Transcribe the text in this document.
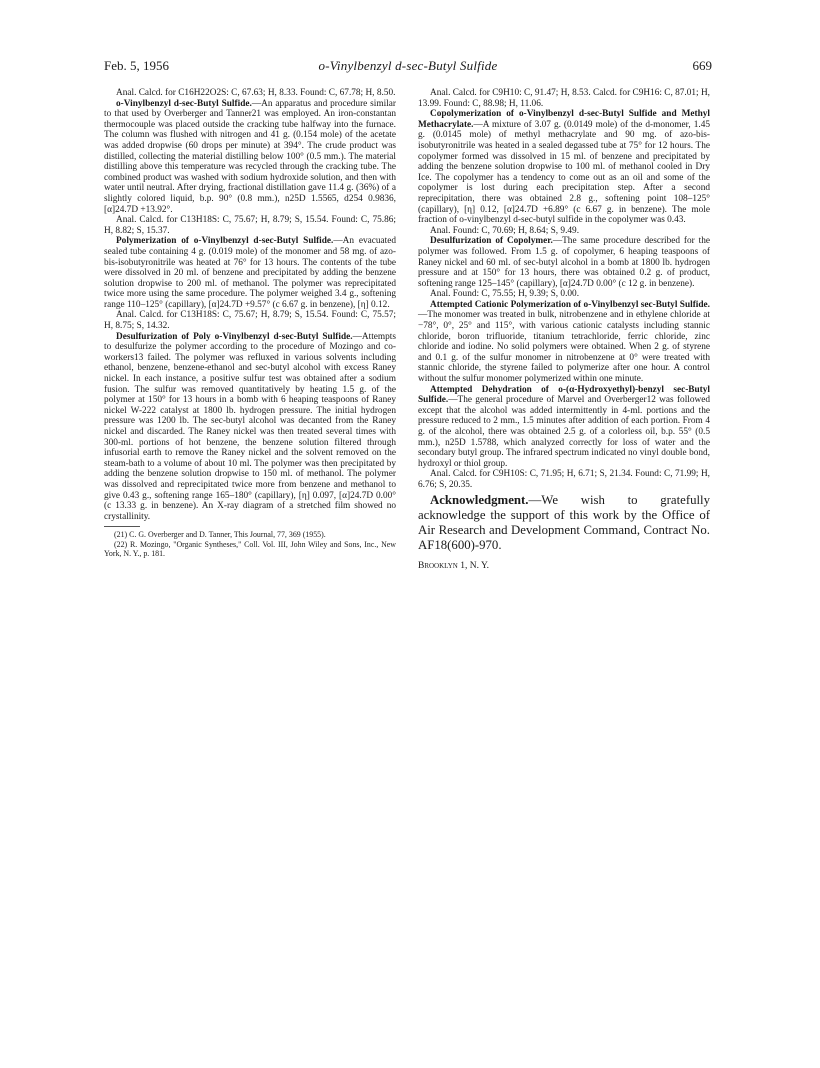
Feb. 5, 1956	o-Vinylbenzyl d-sec-Butyl Sulfide	669

Anal. Calcd. for C16H22O2S: C, 67.63; H, 8.33. Found: C, 67.78; H, 8.50.

o-Vinylbenzyl d-sec-Butyl Sulfide.—An apparatus and procedure similar to that used by Overberger and Tanner21 was employed. An iron-constantan thermocouple was placed outside the cracking tube halfway into the furnace. The column was flushed with nitrogen and 41 g. (0.154 mole) of the acetate was added dropwise (60 drops per minute) at 394°. The crude product was distilled, collecting the material distilling below 100° (0.5 mm.). The material distilling above this temperature was recycled through the cracking tube. The combined product was washed with sodium hydroxide solution, and then with water until neutral. After drying, fractional distillation gave 11.4 g. (36%) of a slightly colored liquid, b.p. 90° (0.8 mm.), n25D 1.5565, d254 0.9836, [α]24.7D +13.92°.

Anal. Calcd. for C13H18S: C, 75.67; H, 8.79; S, 15.54. Found: C, 75.86; H, 8.82; S, 15.37.

Polymerization of o-Vinylbenzyl d-sec-Butyl Sulfide.—An evacuated sealed tube containing 4 g. (0.019 mole) of the monomer and 58 mg. of azo-bis-isobutyronitrile was heated at 76° for 13 hours. The contents of the tube were dissolved in 20 ml. of benzene and precipitated by adding the benzene solution dropwise to 200 ml. of methanol. The polymer was reprecipitated twice more using the same procedure. The polymer weighed 3.4 g., softening range 110–125° (capillary), [α]24.7D +9.57° (c 6.67 g. in benzene), [η] 0.12.

Anal. Calcd. for C13H18S: C, 75.67; H, 8.79; S, 15.54. Found: C, 75.57; H, 8.75; S, 14.32.

Desulfurization of Poly o-Vinylbenzyl d-sec-Butyl Sulfide.—Attempts to desulfurize the polymer according to the procedure of Mozingo and co-workers13 failed. The polymer was refluxed in various solvents including ethanol, benzene, benzene-ethanol and sec-butyl alcohol with excess Raney nickel. In each instance, a positive sulfur test was obtained after a sodium fusion. The sulfur was removed quantitatively by heating 1.5 g. of the polymer at 150° for 13 hours in a bomb with 6 heaping teaspoons of Raney nickel W-222 catalyst at 1800 lb. hydrogen pressure. The initial hydrogen pressure was 1200 lb. The sec-butyl alcohol was decanted from the Raney nickel and discarded. The Raney nickel was then treated several times with 300-ml. portions of hot benzene, the benzene solution filtered through infusorial earth to remove the Raney nickel and the solvent removed on the steam-bath to a volume of about 10 ml. The polymer was then precipitated by adding the benzene solution dropwise to 150 ml. of methanol. The polymer was dissolved and reprecipitated twice more from benzene and methanol to give 0.43 g., softening range 165–180° (capillary), [η] 0.097, [α]24.7D 0.00° (c 13.33 g. in benzene). An X-ray diagram of a stretched film showed no crystallinity.

(21) C. G. Overberger and D. Tanner, This Journal, 77, 369 (1955).

(22) R. Mozingo, "Organic Syntheses," Coll. Vol. III, John Wiley and Sons, Inc., New York, N. Y., p. 181.

Anal. Calcd. for C9H10: C, 91.47; H, 8.53. Calcd. for C9H16: C, 87.01; H, 13.99. Found: C, 88.98; H, 11.06.

Copolymerization of o-Vinylbenzyl d-sec-Butyl Sulfide and Methyl Methacrylate.—A mixture of 3.07 g. (0.0149 mole) of the d-monomer, 1.45 g. (0.0145 mole) of methyl methacrylate and 90 mg. of azo-bis-isobutyronitrile was heated in a sealed degassed tube at 75° for 12 hours. The copolymer formed was dissolved in 15 ml. of benzene and precipitated by adding the benzene solution dropwise to 100 ml. of methanol cooled in Dry Ice. The copolymer has a tendency to come out as an oil and some of the copolymer is lost during each precipitation step. After a second reprecipitation, there was obtained 2.8 g., softening point 108–125° (capillary), [η] 0.12, [α]24.7D +6.89° (c 6.67 g. in benzene). The mole fraction of o-vinylbenzyl d-sec-butyl sulfide in the copolymer was 0.43.

Anal. Found: C, 70.69; H, 8.64; S, 9.49.

Desulfurization of Copolymer.—The same procedure described for the polymer was followed. From 1.5 g. of copolymer, 6 heaping teaspoons of Raney nickel and 60 ml. of sec-butyl alcohol in a bomb at 1800 lb. hydrogen pressure and at 150° for 13 hours, there was obtained 0.2 g. of product, softening range 125–145° (capillary), [α]24.7D 0.00° (c 12 g. in benzene).

Anal. Found: C, 75.55; H, 9.39; S, 0.00.

Attempted Cationic Polymerization of o-Vinylbenzyl sec-Butyl Sulfide.—The monomer was treated in bulk, nitrobenzene and in ethylene chloride at −78°, 0°, 25° and 115°, with various cationic catalysts including stannic chloride, boron trifluoride, titanium tetrachloride, ferric chloride, zinc chloride and iodine. No solid polymers were obtained. When 2 g. of styrene and 0.1 g. of the sulfur monomer in nitrobenzene at 0° were treated with stannic chloride, the styrene failed to polymerize after one hour. A control without the sulfur monomer polymerized within one minute.

Attempted Dehydration of o-(α-Hydroxyethyl)-benzyl sec-Butyl Sulfide.—The general procedure of Marvel and Overberger12 was followed except that the alcohol was added intermittently in 4-ml. portions and the pressure reduced to 2 mm., 1.5 minutes after addition of each portion. From 4 g. of the alcohol, there was obtained 2.5 g. of a colorless oil, b.p. 55° (0.5 mm.), n25D 1.5788, which analyzed correctly for loss of water and the secondary butyl group. The infrared spectrum indicated no vinyl double bond, hydroxyl or thiol group.

Anal. Calcd. for C9H10S: C, 71.95; H, 6.71; S, 21.34. Found: C, 71.99; H, 6.76; S, 20.35.

Acknowledgment.—We wish to gratefully acknowledge the support of this work by the Office of Air Research and Development Command, Contract No. AF18(600)-970.

Brooklyn 1, N. Y.
